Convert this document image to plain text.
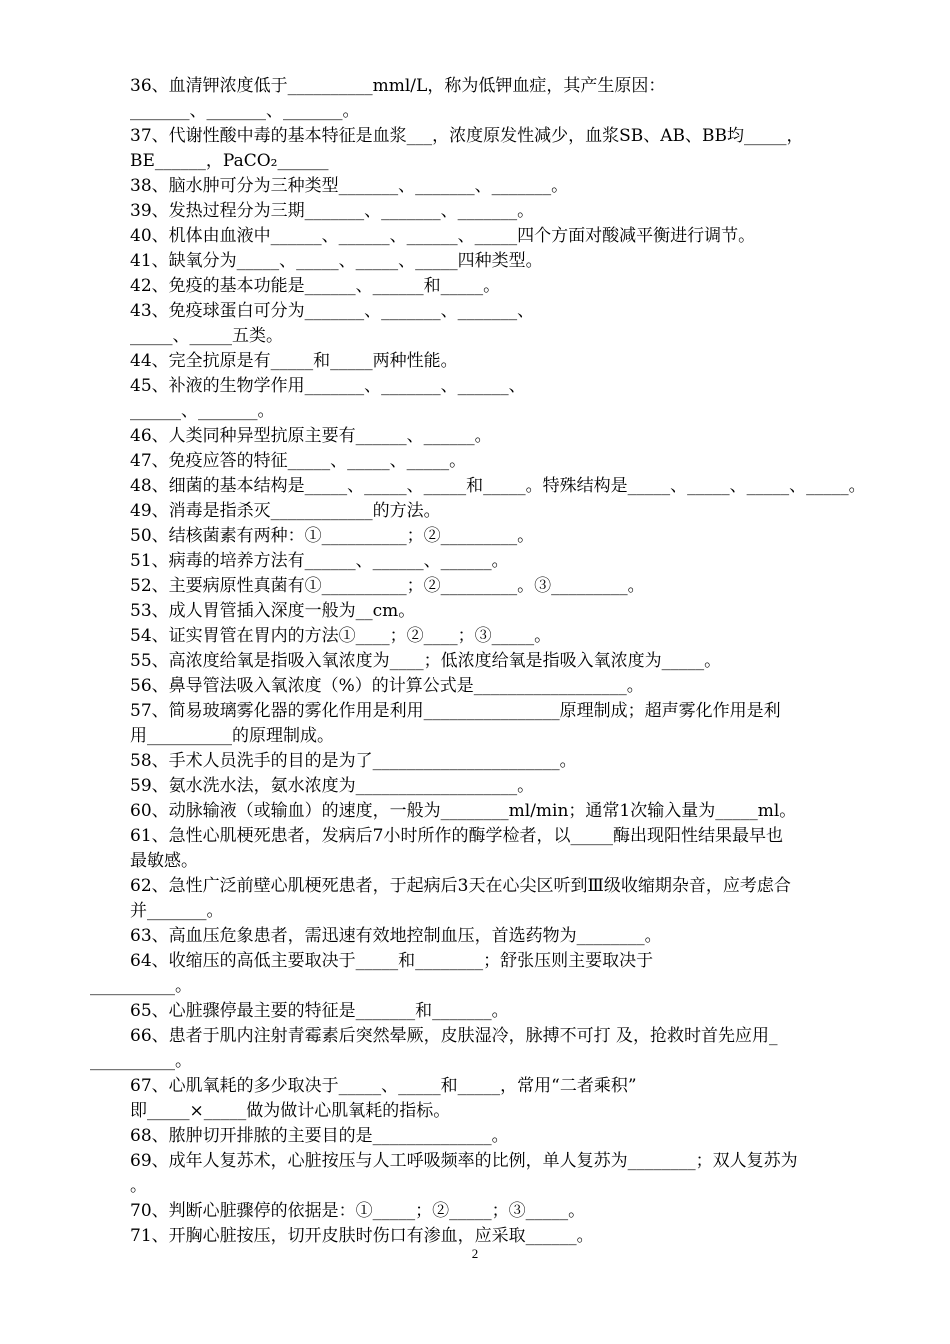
36、血清钾浓度低于__________mml/L，称为低钾血症，其产生原因：
_______、_______、_______。
37、代谢性酸中毒的基本特征是血浆___，浓度原发性减少，血浆SB、AB、BB均_____，
BE______，PaCO₂______
38、脑水肿可分为三种类型_______、_______、_______。
39、发热过程分为三期_______、_______、_______。
40、机体由血液中______、______、______、_____四个方面对酸减平衡进行调节。
41、缺氧分为_____、_____、_____、_____四种类型。
42、免疫的基本功能是______、______和_____。
43、免疫球蛋白可分为_______、_______、_______、
_____、_____五类。
44、完全抗原是有_____和_____两种性能。
45、补液的生物学作用_______、_______、______、
______、_______。
46、人类同种异型抗原主要有______、______。
47、免疫应答的特征_____、_____、_____。
48、细菌的基本结构是_____、_____、_____和_____。特殊结构是_____、_____、_____、_____。
49、消毒是指杀灭____________的方法。
50、结核菌素有两种：①__________；②_________。
51、病毒的培养方法有______、______、______。
52、主要病原性真菌有①__________；②_________。③_________。
53、成人胃管插入深度一般为__cm。
54、证实胃管在胃内的方法①____；②____；③_____。
55、高浓度给氧是指吸入氧浓度为____；低浓度给氧是指吸入氧浓度为_____。
56、鼻导管法吸入氧浓度（%）的计算公式是__________________。
57、简易玻璃雾化器的雾化作用是利用________________原理制成；超声雾化作用是利
用__________的原理制成。
58、手术人员洗手的目的是为了______________________。
59、氨水洗水法，氨水浓度为___________________。
60、动脉输液（或输血）的速度，一般为________ml/min；通常1次输入量为_____ml。
61、急性心肌梗死患者，发病后7小时所作的酶学检者，以_____酶出现阳性结果最早也
最敏感。
62、急性广泛前壁心肌梗死患者，于起病后3天在心尖区听到Ⅲ级收缩期杂音，应考虑合
并_______。
63、高血压危象患者，需迅速有效地控制血压，首选药物为________。
64、收缩压的高低主要取决于_____和________；舒张压则主要取决于
__________。
65、心脏骤停最主要的特征是_______和_______。
66、患者于肌内注射青霉素后突然晕厥，皮肤湿冷，脉搏不可打 及，抢救时首先应用_
__________。
67、心肌氧耗的多少取决于_____、_____和_____，常用“二者乘积”
即_____×_____做为做计心肌氧耗的指标。
68、脓肿切开排脓的主要目的是______________。
69、成年人复苏术，心脏按压与人工呼吸频率的比例，单人复苏为________；双人复苏为
。
70、判断心脏骤停的依据是：①_____；②_____；③_____。
71、开胸心脏按压，切开皮肤时伤口有渗血，应采取______。
2
